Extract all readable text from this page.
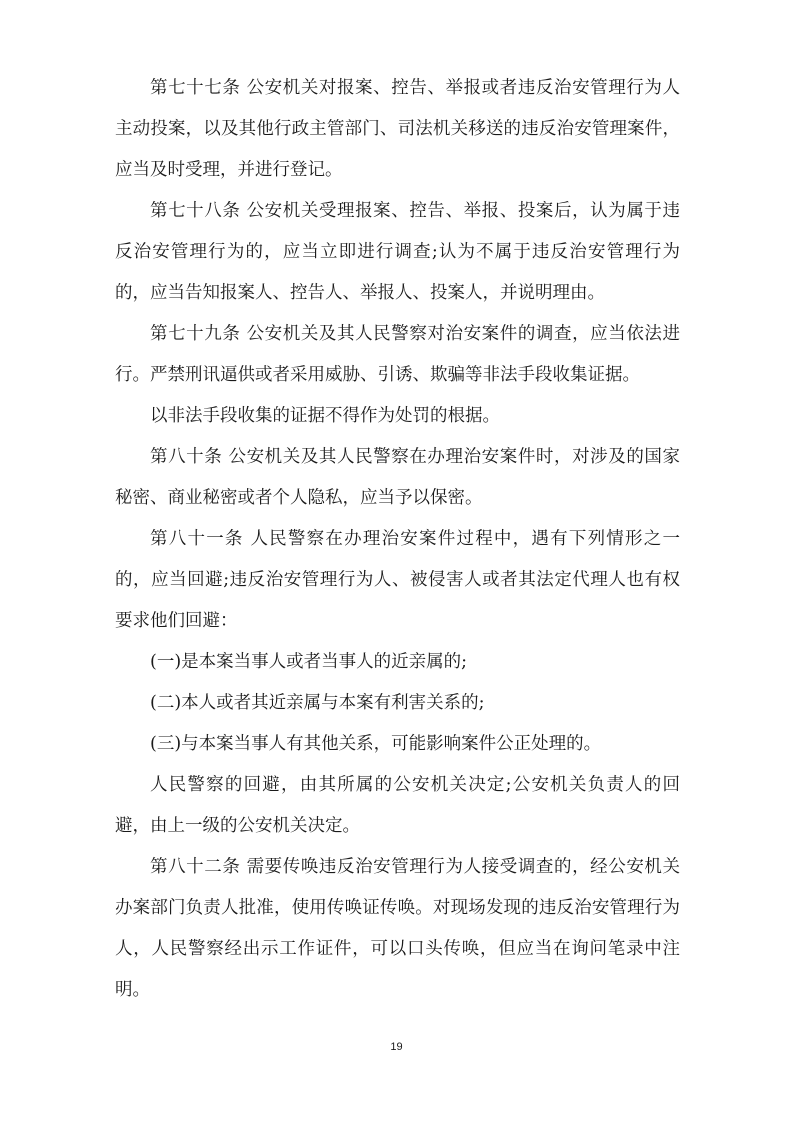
第七十七条 公安机关对报案、控告、举报或者违反治安管理行为人主动投案，以及其他行政主管部门、司法机关移送的违反治安管理案件，应当及时受理，并进行登记。

第七十八条 公安机关受理报案、控告、举报、投案后，认为属于违反治安管理行为的，应当立即进行调查;认为不属于违反治安管理行为的，应当告知报案人、控告人、举报人、投案人，并说明理由。

第七十九条 公安机关及其人民警察对治安案件的调查，应当依法进行。严禁刑讯逼供或者采用威胁、引诱、欺骗等非法手段收集证据。

以非法手段收集的证据不得作为处罚的根据。

第八十条 公安机关及其人民警察在办理治安案件时，对涉及的国家秘密、商业秘密或者个人隐私，应当予以保密。

第八十一条 人民警察在办理治安案件过程中，遇有下列情形之一的，应当回避;违反治安管理行为人、被侵害人或者其法定代理人也有权要求他们回避：

(一)是本案当事人或者当事人的近亲属的;

(二)本人或者其近亲属与本案有利害关系的;

(三)与本案当事人有其他关系，可能影响案件公正处理的。

人民警察的回避，由其所属的公安机关决定;公安机关负责人的回避，由上一级的公安机关决定。

第八十二条 需要传唤违反治安管理行为人接受调查的，经公安机关办案部门负责人批准，使用传唤证传唤。对现场发现的违反治安管理行为人，人民警察经出示工作证件，可以口头传唤，但应当在询问笔录中注明。

19
